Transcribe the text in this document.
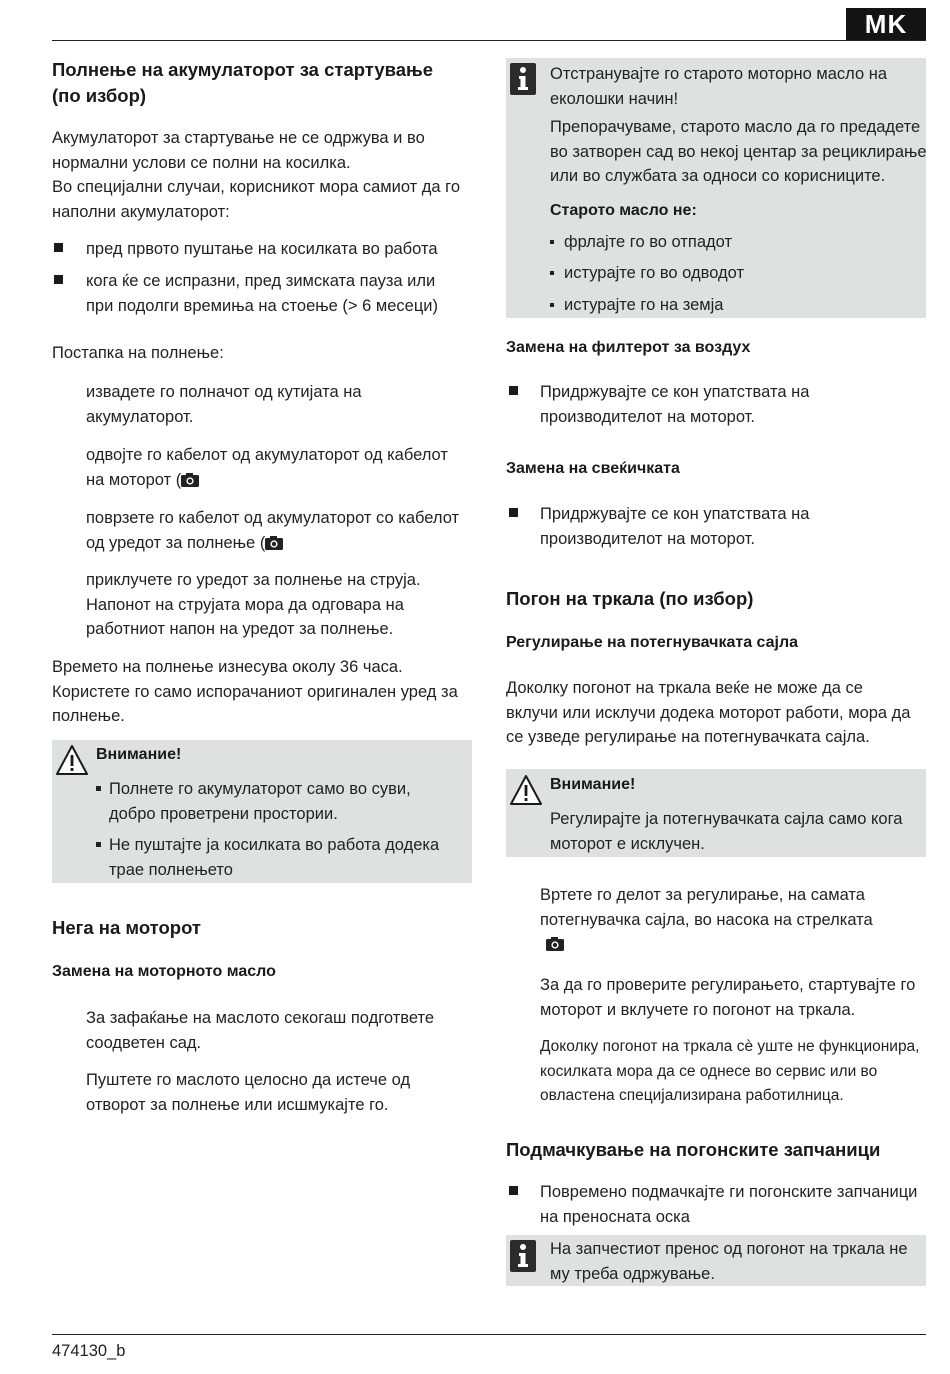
MK
Полнење на акумулаторот за стартување
(по избор)
Акумулаторот за стартување не се одржува и во
нормални услови се полни на косилка.
Во специјални случаи, корисникот мора самиот да го
наполни акумулаторот:
пред првото пуштање на косилката во работа
кога ќе се испразни, пред зимската пауза или
при подолги времиња на стоење (> 6 месеци)
Постапка на полнење:
извадете го полначот од кутијата на
акумулаторот.
одвојте го кабелот од акумулаторот од кабелот
на моторот (
поврзете го кабелот од акумулаторот со кабелот
од уредот за полнење (
приклучете го уредот за полнење на струја.
Напонот на струјата мора да одговара на
работниот напон на уредот за полнење.
Времето на полнење изнесува околу 36 часа.
Користете го само испорачаниот оригинален уред за
полнење.
Внимание!
Полнете го акумулаторот само во суви,
добро проветрени простории.
Не пуштајте ја косилката во работа додека
трае полнењето
Нега на моторот
Замена на моторното масло
За зафаќање на маслото секогаш подгответе
соодветен сад.
Пуштете го маслото целосно да истече од
отворот за полнење или исшмукајте го.
Отстранувајте го старото моторно масло на
еколошки начин!
Препорачуваме, старото масло да го предадете
во затворен сад во некој центар за рециклирање
или во службата за односи со корисниците.
Старото масло не:
фрлајте го во отпадот
истурајте го во одводот
истурајте го на земја
Замена на филтерот за воздух
Придржувајте се кон упатствата на
производителот на моторот.
Замена на свеќичката
Придржувајте се кон упатствата на
производителот на моторот.
Погон на тркала (по избор)
Регулирање на потегнувачката сајла
Доколку погонот на тркала веќе не може да се
вклучи или исклучи додека моторот работи, мора да
се узведе регулирање на потегнувачката сајла.
Внимание!
Регулирајте ја потегнувачката сајла само кога
моторот е исклучен.
Вртете го делот за регулирање, на самата
потегнувачка сајла, во насока на стрелката
За да го проверите регулирањето, стартувајте го
моторот и вклучете го погонот на тркала.
Доколку погонот на тркала сè уште не функционира,
косилката мора да се однесе во сервис или во
овластена специјализирана работилница.
Подмачкување на погонските запчаници
Повремено подмачкајте ги погонските запчаници
на преносната оска
На запчестиот пренос од погонот на тркала не
му треба одржување.
474130_b
